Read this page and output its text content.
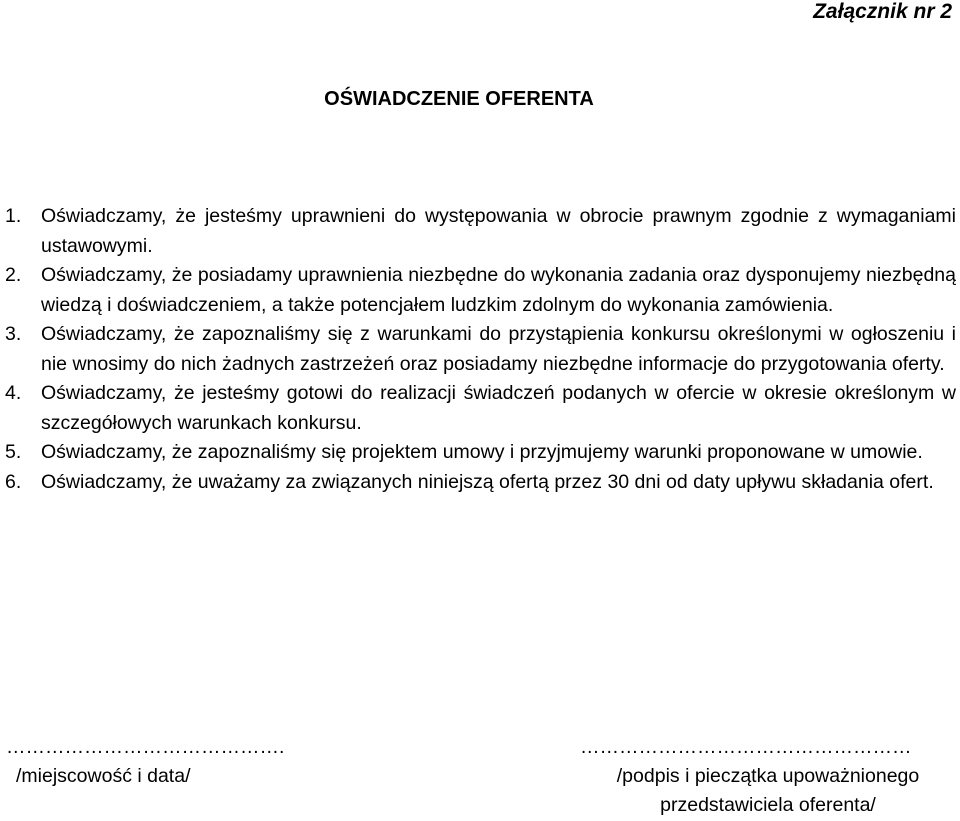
Załącznik nr 2
OŚWIADCZENIE OFERENTA
1.	Oświadczamy, że jesteśmy uprawnieni do występowania w obrocie prawnym zgodnie z wymaganiami ustawowymi.
2.	Oświadczamy, że posiadamy uprawnienia niezbędne do wykonania zadania oraz dysponujemy niezbędną wiedzą i doświadczeniem, a także potencjałem ludzkim zdolnym do wykonania zamówienia.
3.	Oświadczamy, że zapoznaliśmy się z warunkami do przystąpienia konkursu określonymi w ogłoszeniu i nie wnosimy do nich żadnych zastrzeżeń oraz posiadamy niezbędne informacje do przygotowania oferty.
4.	Oświadczamy, że jesteśmy gotowi do realizacji świadczeń podanych w ofercie w okresie określonym w szczegółowych warunkach konkursu.
5.	Oświadczamy, że zapoznaliśmy się projektem umowy i przyjmujemy warunki proponowane w umowie.
6.	Oświadczamy, że uważamy za związanych niniejszą ofertą przez 30 dni od daty upływu składania ofert.
…………………………………….
/miejscowość i data/
……………………………………………
/podpis i pieczątka upoważnionego
przedstawiciela oferenta/
